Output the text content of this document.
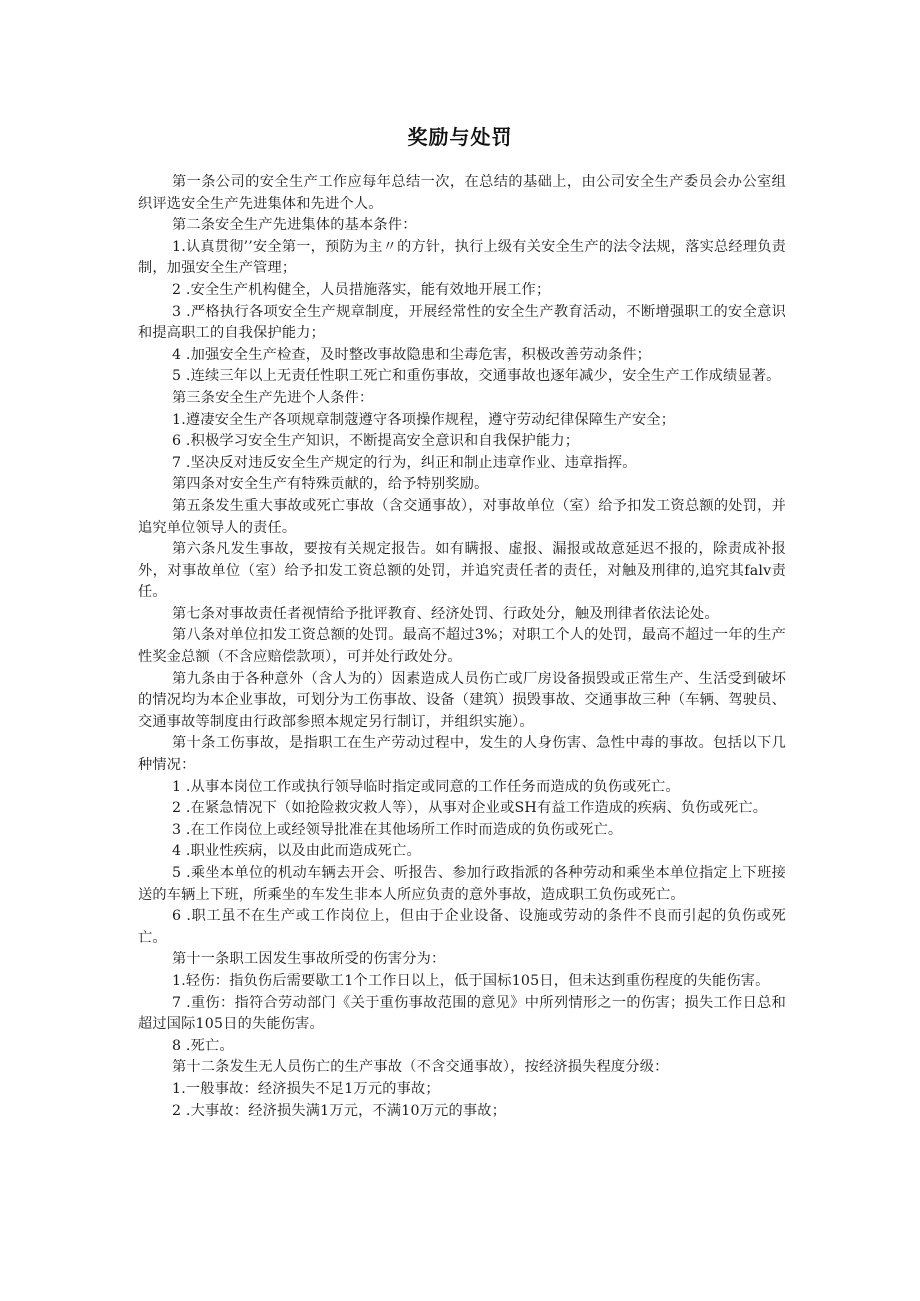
奖励与处罚

第一条公司的安全生产工作应每年总结一次，在总结的基础上，由公司安全生产委员会办公室组织评选安全生产先进集体和先进个人。

第二条安全生产先进集体的基本条件：

1.认真贯彻’’安全第一，预防为主〃的方针，执行上级有关安全生产的法令法规，落实总经理负责制，加强安全生产管理；

2 .安全生产机构健全，人员措施落实，能有效地开展工作；

3 .严格执行各项安全生产规章制度，开展经常性的安全生产教育活动，不断增强职工的安全意识和提高职工的自我保护能力；

4 .加强安全生产检查，及时整改事故隐患和尘毒危害，积极改善劳动条件；

5 .连续三年以上无责任性职工死亡和重伤事故，交通事故也逐年减少，安全生产工作成绩显著。

第三条安全生产先进个人条件：

1.遵凄安全生产各项规章制蔻遵守各项操作规程，遵守劳动纪律保障生产安全；

6 .积极学习安全生产知识，不断提高安全意识和自我保护能力；

7 .坚决反对违反安全生产规定的行为，纠正和制止违章作业、违章指挥。

第四条对安全生产有特殊贡献的，给予特别奖励。

第五条发生重大事故或死亡事故（含交通事故），对事故单位（室）给予扣发工资总额的处罚，并追究单位领导人的责任。

第六条凡发生事故，要按有关规定报告。如有瞒报、虚报、漏报或故意延迟不报的，除责成补报外，对事故单位（室）给予扣发工资总额的处罚，并追究责任者的责任，对触及刑律的,追究其falv责任。

第七条对事故责任者视情给予批评教育、经济处罚、行政处分，触及刑律者依法论处。

第八条对单位扣发工资总额的处罚。最高不超过3%；对职工个人的处罚，最高不超过一年的生产性奖金总额（不含应赔偿款项），可并处行政处分。

第九条由于各种意外（含人为的）因素造成人员伤亡或厂房设备损毁或正常生产、生活受到破坏的情况均为本企业事故，可划分为工伤事故、设备（建筑）损毁事故、交通事故三种（车辆、驾驶员、交通事故等制度由行政部参照本规定另行制订，并组织实施）。

第十条工伤事故，是指职工在生产劳动过程中，发生的人身伤害、急性中毒的事故。包括以下几种情况：

1 .从事本岗位工作或执行领导临时指定或同意的工作任务而造成的负伤或死亡。

2 .在紧急情况下（如抢险救灾救人等），从事对企业或SH有益工作造成的疾病、负伤或死亡。

3 .在工作岗位上或经领导批准在其他场所工作时而造成的负伤或死亡。

4 .职业性疾病，以及由此而造成死亡。

5 .乘坐本单位的机动车辆去开会、听报告、参加行政指派的各种劳动和乘坐本单位指定上下班接送的车辆上下班，所乘坐的车发生非本人所应负责的意外事故，造成职工负伤或死亡。

6 .职工虽不在生产或工作岗位上，但由于企业设备、设施或劳动的条件不良而引起的负伤或死亡。

第十一条职工因发生事故所受的伤害分为：

1.轻伤：指负伤后需要歇工1个工作日以上，低于国标105日，但未达到重伤程度的失能伤害。

7 .重伤：指符合劳动部门《关于重伤事故范围的意见》中所列情形之一的伤害；损失工作日总和超过国际105日的失能伤害。

8 .死亡。

第十二条发生无人员伤亡的生产事故（不含交通事故），按经济损失程度分级：

1.一般事故：经济损失不足1万元的事故；

2 .大事故：经济损失满1万元，不满10万元的事故；
